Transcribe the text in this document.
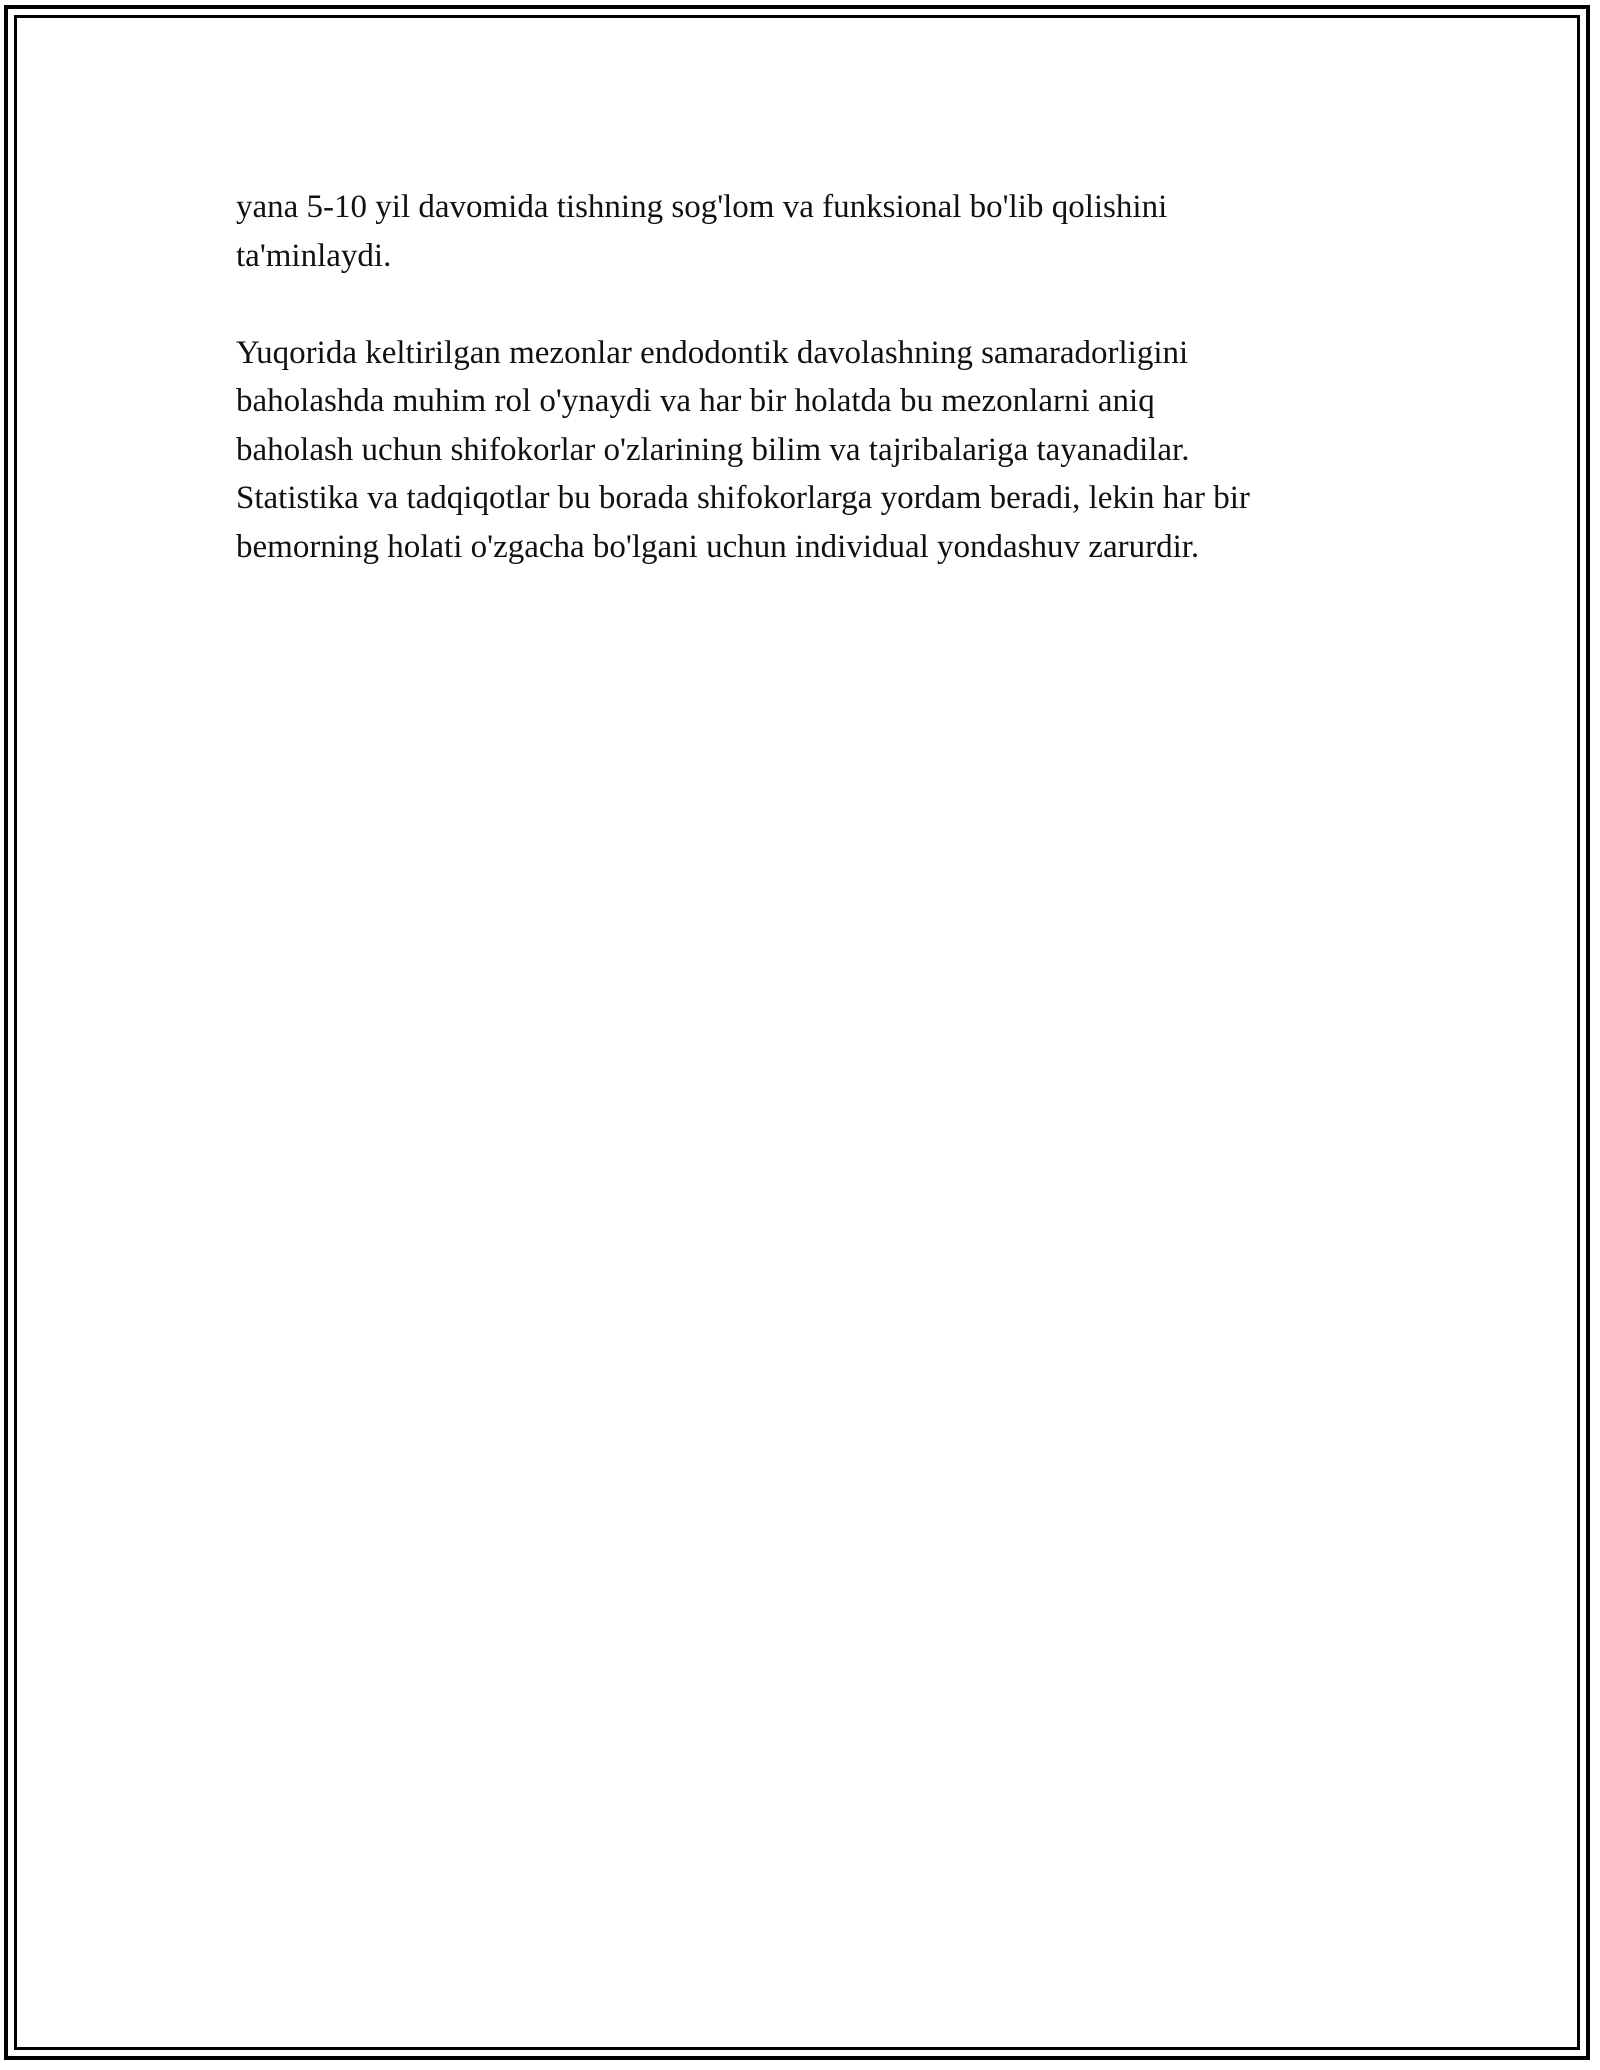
yana 5-10 yil davomida tishning sog'lom va funksional bo'lib qolishini

ta'minlaydi.

Yuqorida keltirilgan mezonlar endodontik davolashning samaradorligini

baholashda muhim rol o'ynaydi va har bir holatda bu mezonlarni aniq

baholash uchun shifokorlar o'zlarining bilim va tajribalariga tayanadilar.

Statistika va tadqiqotlar bu borada shifokorlarga yordam beradi, lekin har bir

bemorning holati o'zgacha bo'lgani uchun individual yondashuv zarurdir.
